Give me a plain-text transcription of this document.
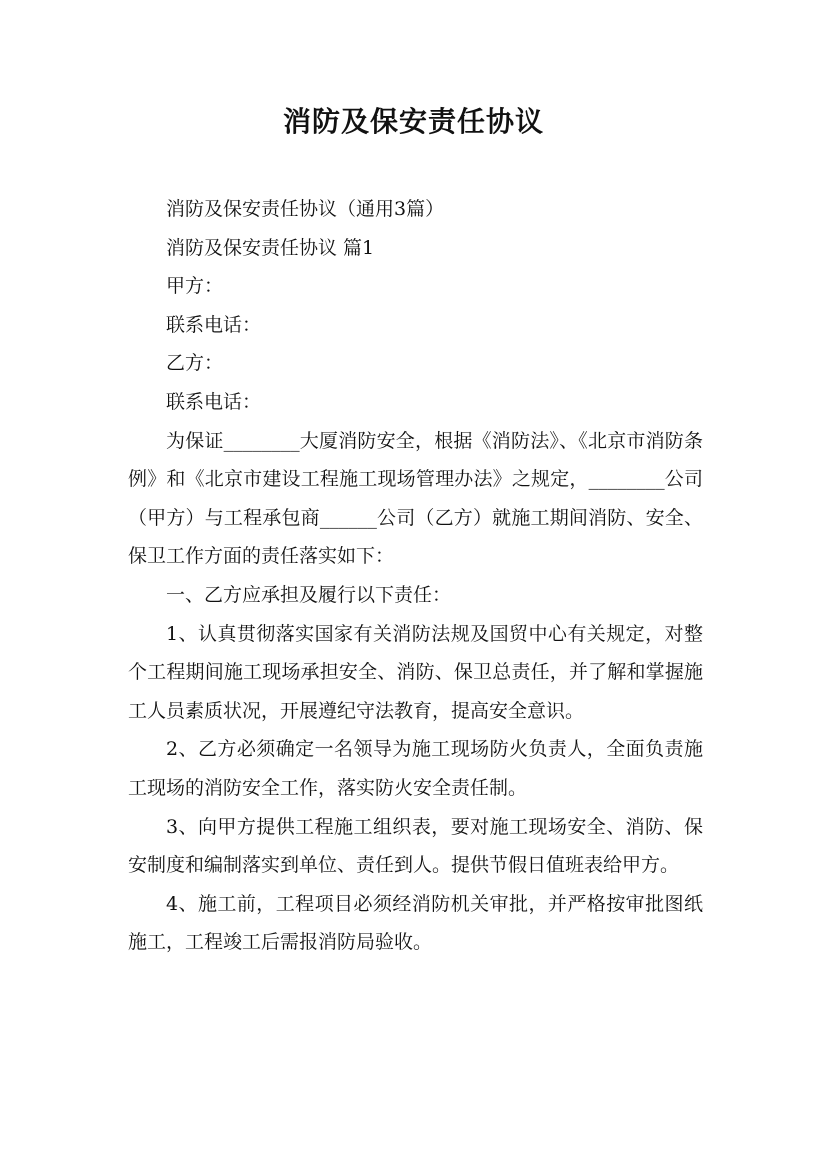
消防及保安责任协议

消防及保安责任协议（通用3篇）

消防及保安责任协议 篇1

甲方：

联系电话：

乙方：

联系电话：

为保证________大厦消防安全，根据《消防法》、《北京市消防条例》和《北京市建设工程施工现场管理办法》之规定，________公司（甲方）与工程承包商______公司（乙方）就施工期间消防、安全、保卫工作方面的责任落实如下：

一、乙方应承担及履行以下责任：

1、认真贯彻落实国家有关消防法规及国贸中心有关规定，对整个工程期间施工现场承担安全、消防、保卫总责任，并了解和掌握施工人员素质状况，开展遵纪守法教育，提高安全意识。

2、乙方必须确定一名领导为施工现场防火负责人，全面负责施工现场的消防安全工作，落实防火安全责任制。

3、向甲方提供工程施工组织表，要对施工现场安全、消防、保安制度和编制落实到单位、责任到人。提供节假日值班表给甲方。

4、施工前，工程项目必须经消防机关审批，并严格按审批图纸施工，工程竣工后需报消防局验收。
